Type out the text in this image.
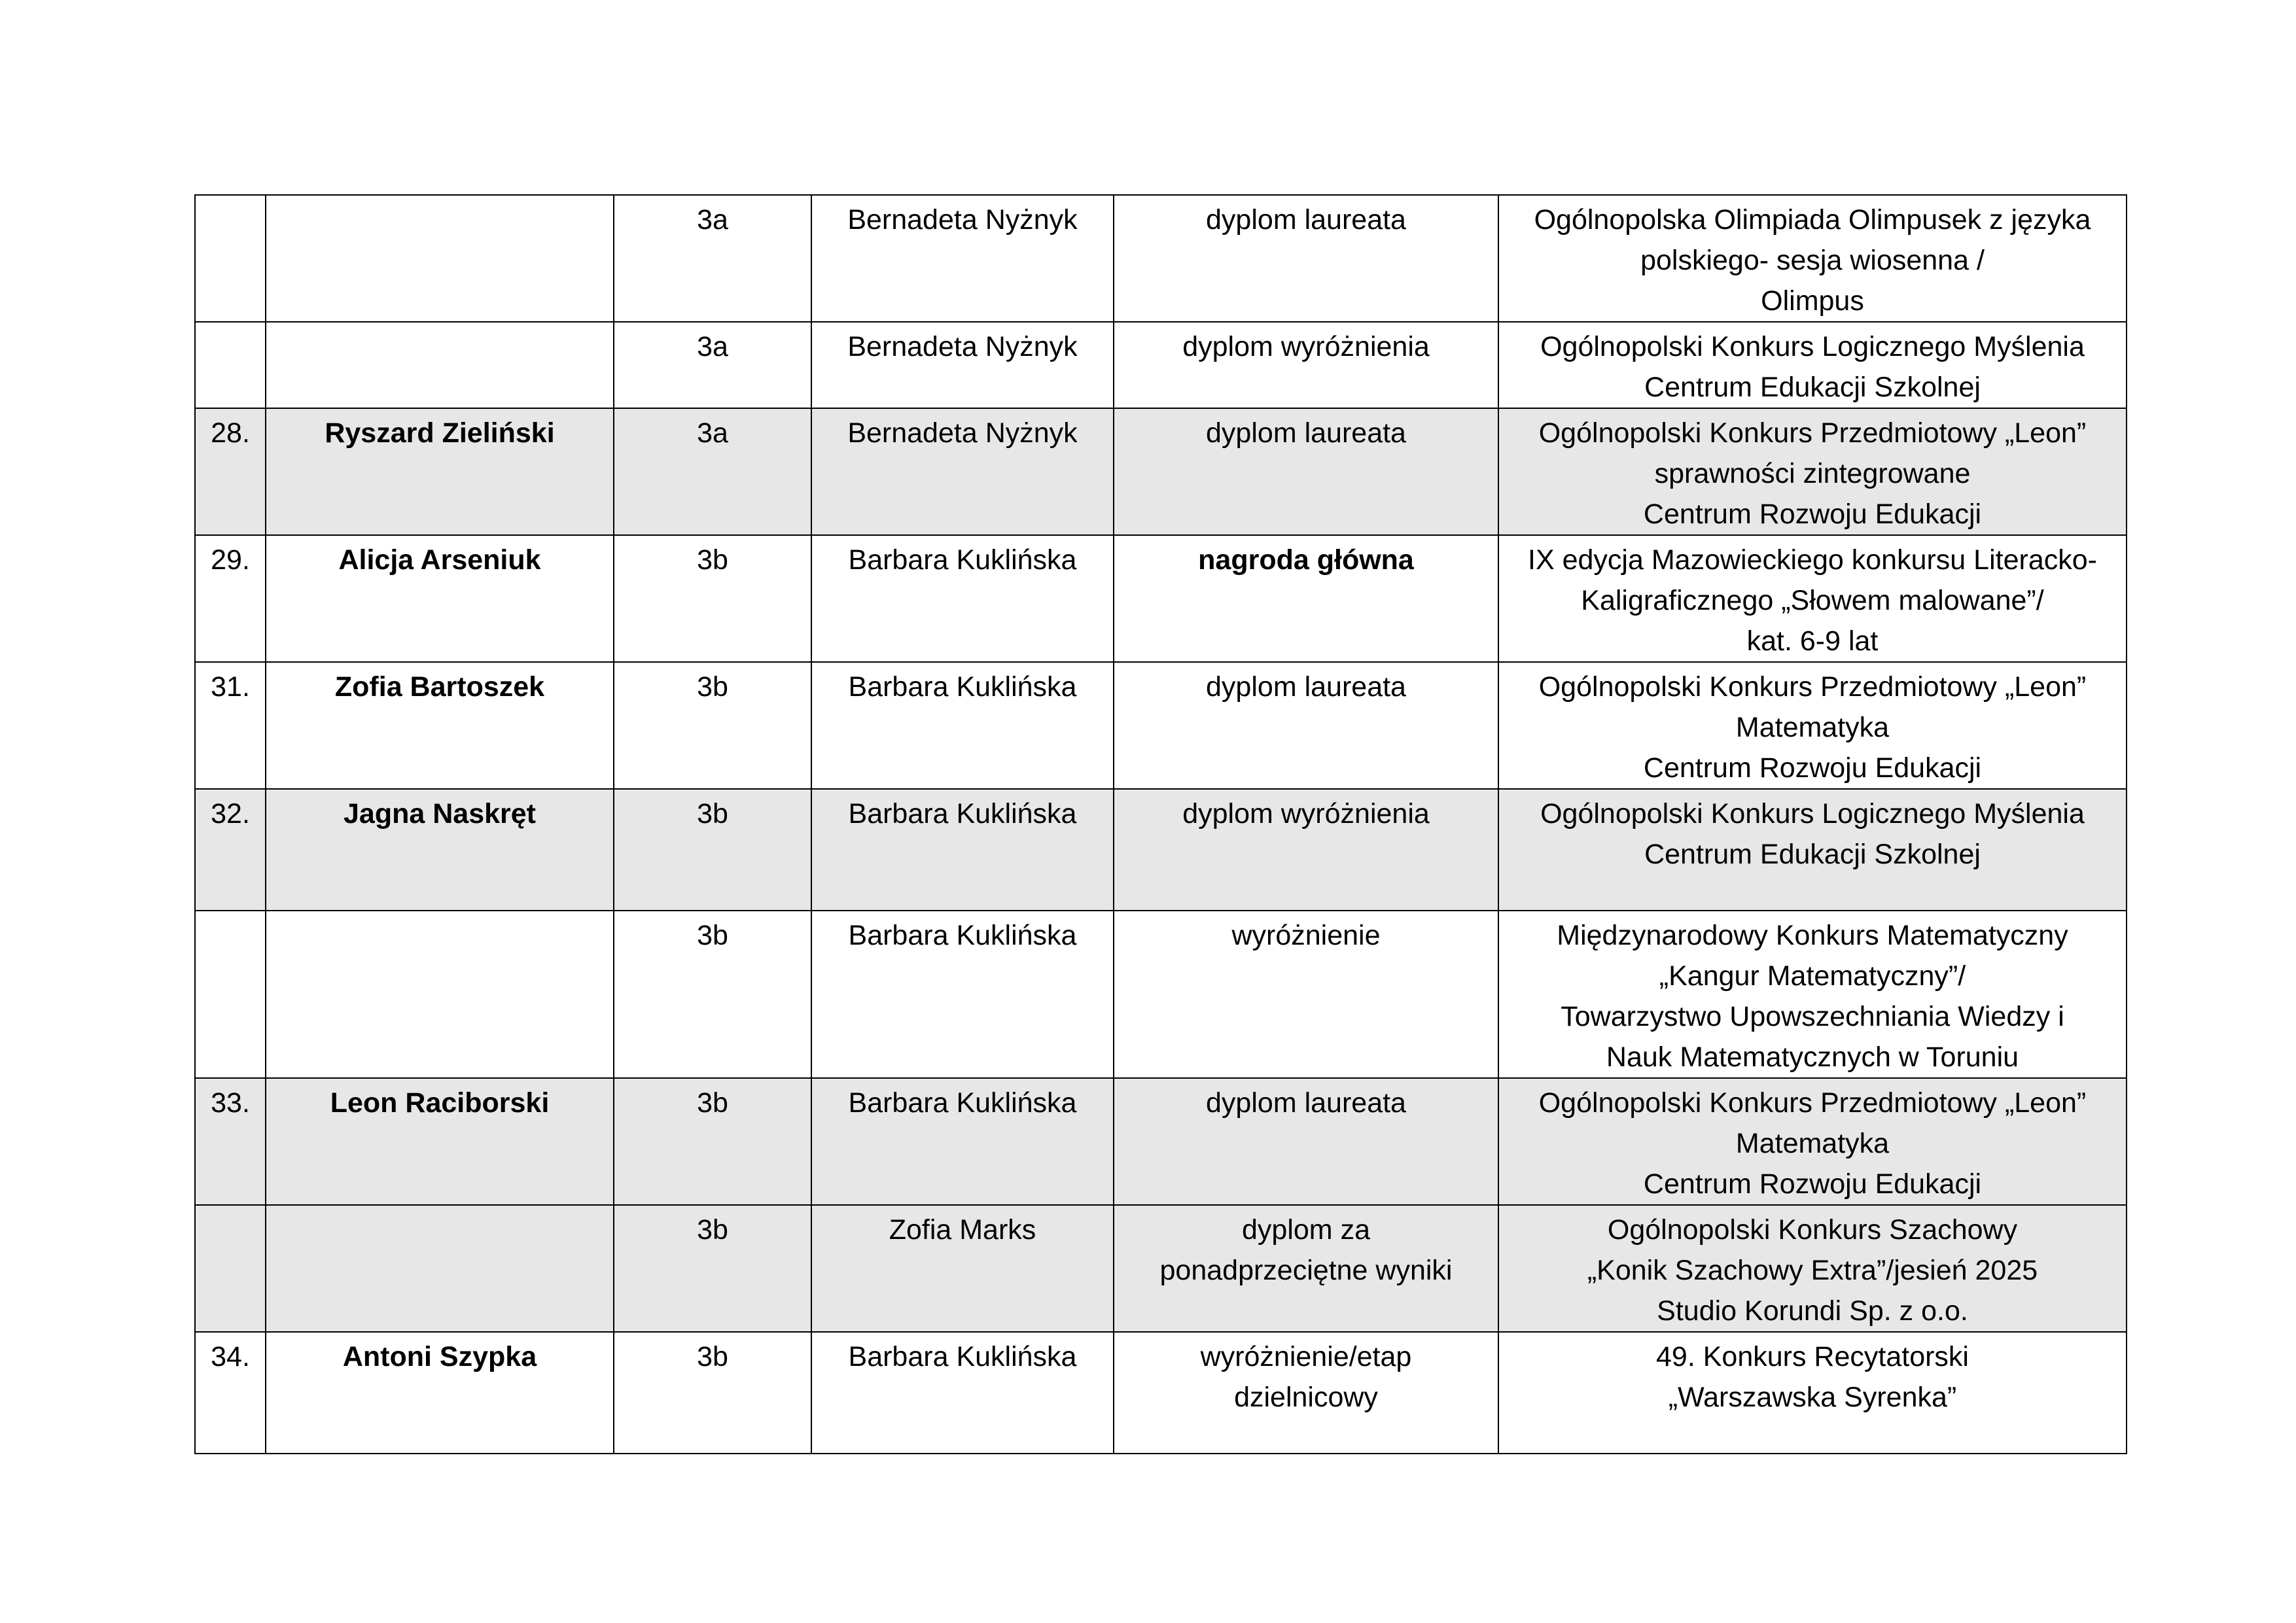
		3a	Bernadeta Nyżnyk	dyplom laureata	Ogólnopolska Olimpiada Olimpusek z języka
polskiego- sesja wiosenna /
Olimpus

		3a	Bernadeta Nyżnyk	dyplom wyróżnienia	Ogólnopolski Konkurs Logicznego Myślenia
Centrum Edukacji Szkolnej

28.	Ryszard Zieliński	3a	Bernadeta Nyżnyk	dyplom laureata	Ogólnopolski Konkurs Przedmiotowy „Leon”
sprawności zintegrowane
Centrum Rozwoju Edukacji

29.	Alicja Arseniuk	3b	Barbara Kuklińska	nagroda główna	IX edycja Mazowieckiego konkursu Literacko-
Kaligraficznego „Słowem malowane”/
kat. 6-9 lat

31.	Zofia Bartoszek	3b	Barbara Kuklińska	dyplom laureata	Ogólnopolski Konkurs Przedmiotowy „Leon”
Matematyka
Centrum Rozwoju Edukacji

32.	Jagna Naskręt	3b	Barbara Kuklińska	dyplom wyróżnienia	Ogólnopolski Konkurs Logicznego Myślenia
Centrum Edukacji Szkolnej

		3b	Barbara Kuklińska	wyróżnienie	Międzynarodowy Konkurs Matematyczny
„Kangur Matematyczny”/
Towarzystwo Upowszechniania Wiedzy i
Nauk Matematycznych w Toruniu

33.	Leon Raciborski	3b	Barbara Kuklińska	dyplom laureata	Ogólnopolski Konkurs Przedmiotowy „Leon”
Matematyka
Centrum Rozwoju Edukacji

		3b	Zofia Marks	dyplom za
ponadprzeciętne wyniki	Ogólnopolski Konkurs Szachowy
„Konik Szachowy Extra”/jesień 2025
Studio Korundi Sp. z o.o.

34.	Antoni Szypka	3b	Barbara Kuklińska	wyróżnienie/etap
dzielnicowy	49. Konkurs Recytatorski
„Warszawska Syrenka”
